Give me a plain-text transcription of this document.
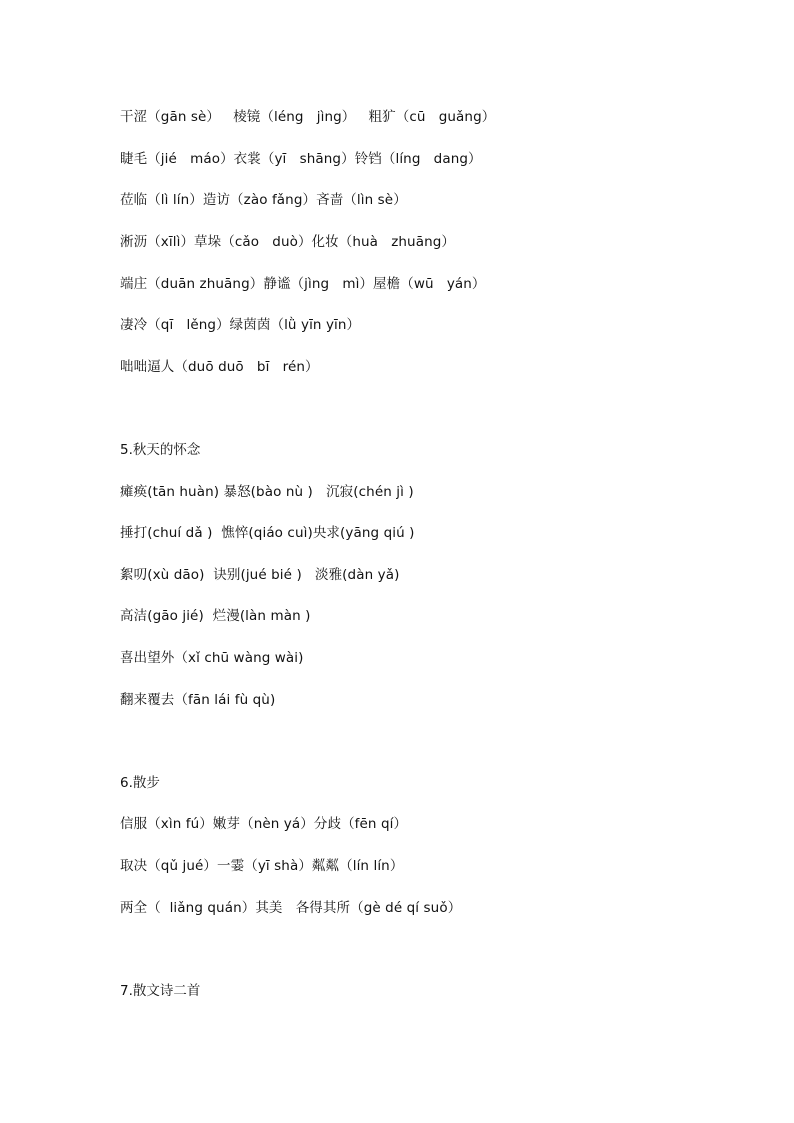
干涩（gān sè）   棱镜（léng   jìng）   粗犷（cū   guǎng）
睫毛（jié   máo）衣裳（yī   shāng）铃铛（líng   dang）
莅临（lì lín）造访（zào fǎng）吝啬（lìn sè）
淅沥（xīlì）草垛（cǎo   duò）化妆（huà   zhuāng）
端庄（duān zhuāng）静谧（jìng   mì）屋檐（wū   yán）
凄冷（qī   lěng）绿茵茵（lǜ yīn yīn）
咄咄逼人（duō duō   bī   rén）
5.秋天的怀念
瘫痪(tān huàn) 暴怒(bào nù )   沉寂(chén jì )
捶打(chuí dǎ )  憔悴(qiáo cuì)央求(yāng qiú )
絮叨(xù dāo)  诀别(jué bié )   淡雅(dàn yǎ)
高洁(gāo jié)  烂漫(làn màn )
喜出望外（xǐ chū wàng wài)
翻来覆去（fān lái fù qù)
6.散步
信服（xìn fú）嫩芽（nèn yá）分歧（fēn qí）
取决（qǔ jué）一霎（yī shà）粼粼（lín lín）
两全（  liǎng quán）其美   各得其所（gè dé qí suǒ）
7.散文诗二首
